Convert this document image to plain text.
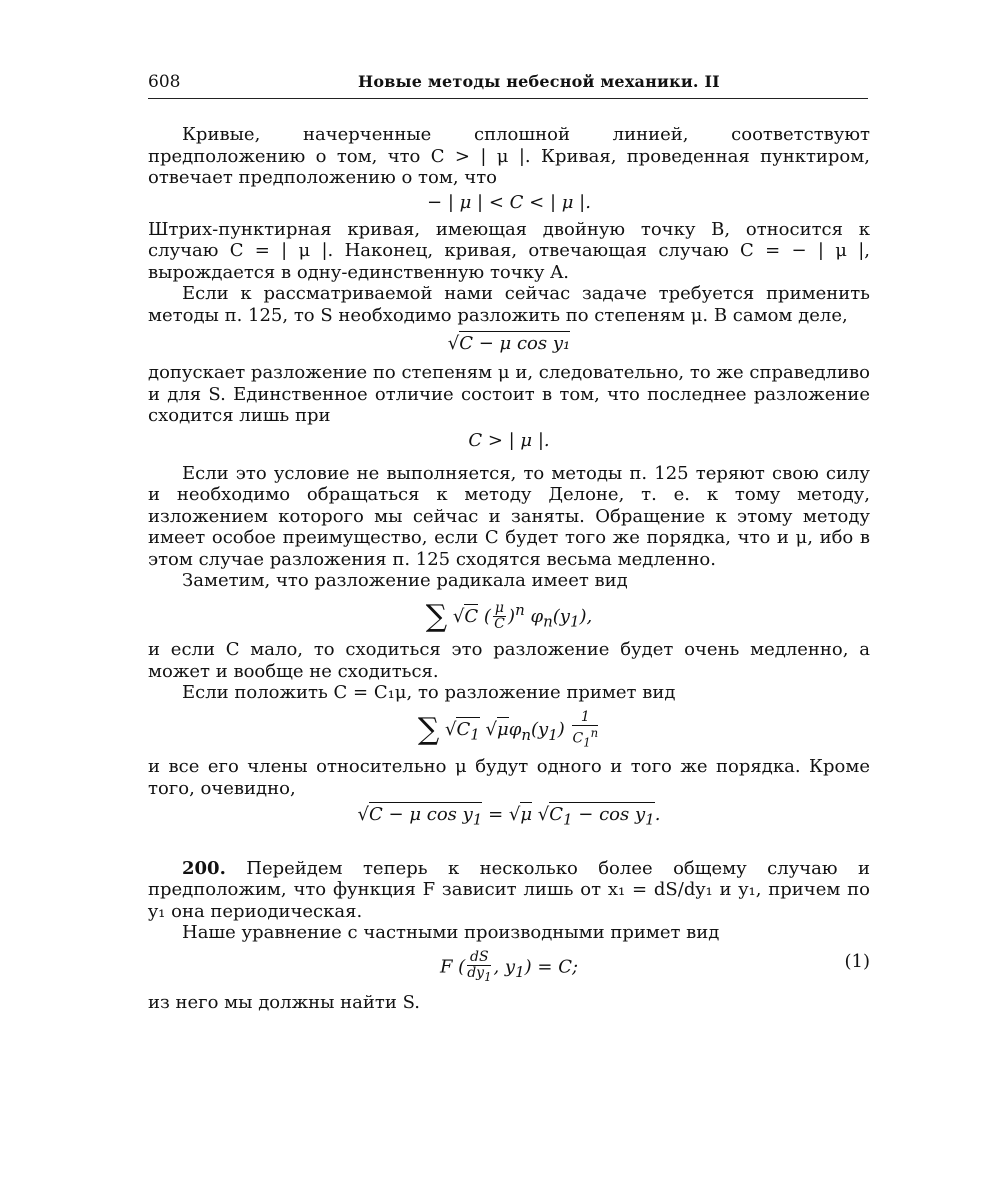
608	Новые методы небесной механики. II

Кривые, начерченные сплошной линией, соответствуют предположению о том, что C > | μ |. Кривая, проведенная пунктиром, отвечает предположению о том, что

− | μ | < C < | μ |.

Штрих-пунктирная кривая, имеющая двойную точку B, относится к случаю C = | μ |. Наконец, кривая, отвечающая случаю C = − | μ |, вырождается в одну-единственную точку A.

Если к рассматриваемой нами сейчас задаче требуется применить методы п. 125, то S необходимо разложить по степеням μ. В самом деле,

√C − μ cos y₁

допускает разложение по степеням μ и, следовательно, то же справедливо и для S. Единственное отличие состоит в том, что последнее разложение сходится лишь при

C > | μ |.

Если это условие не выполняется, то методы п. 125 теряют свою силу и необходимо обращаться к методу Делоне, т. е. к тому методу, изложением которого мы сейчас и заняты. Обращение к этому методу имеет особое преимущество, если C будет того же порядка, что и μ, ибо в этом случае разложения п. 125 сходятся весьма медленно.

Заметим, что разложение радикала имеет вид

∑ √C ( $\frac{\mu}{C} )^n$ $\varphi_n(y_1)$,

и если C мало, то сходиться это разложение будет очень медленно, а может и вообще не сходиться.

Если положить C = C₁μ, то разложение примет вид

∑ $√C_1$ $√\mu\varphi_n(y_1) \frac{1}{C_1^n}$

и все его члены относительно μ будут одного и того же порядка. Кроме того, очевидно,

√C − μ $\cos y_1 = √\mu$ $√C_1 - \cos y_1$.

200. Перейдем теперь к несколько более общему случаю и предположим, что функция F зависит лишь от x₁ = dS/dy₁ и y₁, причем по y₁ она периодическая.

Наше уравнение с частными производными примет вид

F ( $\frac{dS}{dy_1}$ , $y_1) = C$;	(1)

из него мы должны найти S.
